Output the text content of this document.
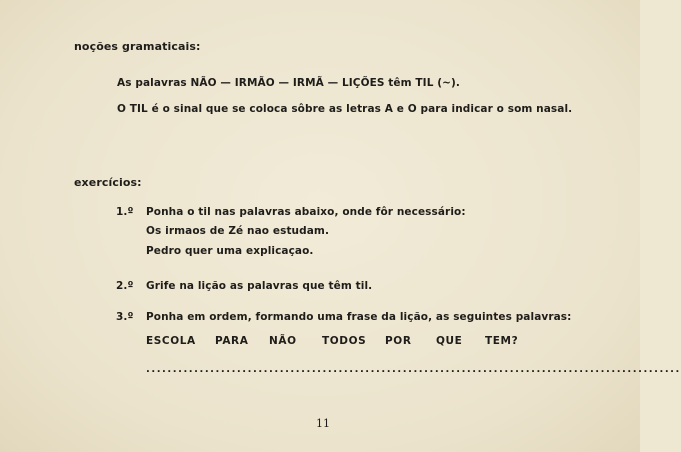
noções gramaticais:
As palavras NÃO — IRMÃO — IRMÃ — LIÇÕES têm TIL (~).
O TIL é o sinal que se coloca sôbre as letras A e O para indicar o som nasal.
exercícios:
1.º Ponha o til nas palavras abaixo, onde fôr necessário:
Os irmaos de Zé nao estudam.
Pedro quer uma explicaçao.
2.º Grife na lição as palavras que têm til.
3.º Ponha em ordem, formando uma frase da lição, as seguintes palavras:
ESCOLA PARA NÃO TODOS POR QUE TEM?
....................................................................................................
11
